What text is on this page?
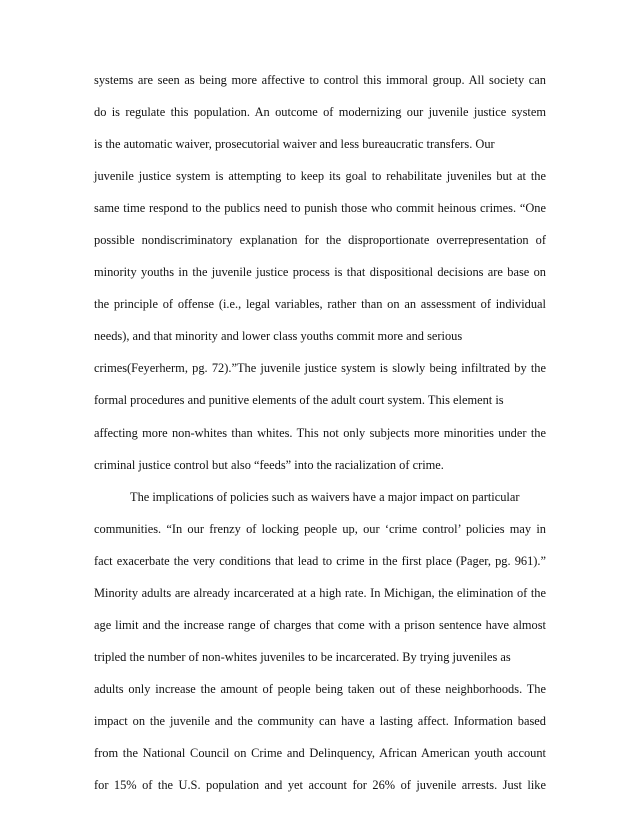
systems are seen as being more affective to control this immoral group. All society can
do is regulate this population. An outcome of modernizing our juvenile justice system
is the automatic waiver, prosecutorial waiver and less bureaucratic transfers. Our
juvenile justice system is attempting to keep its goal to rehabilitate juveniles but at the
same time respond to the publics need to punish those who commit heinous crimes. “One
possible nondiscriminatory explanation for the disproportionate overrepresentation of
minority youths in the juvenile justice process is that dispositional decisions are base on
the principle of offense (i.e., legal variables, rather than on an assessment of individual
needs), and that minority and lower class youths commit more and serious
crimes(Feyerherm, pg. 72).”The juvenile justice system is slowly being infiltrated by the
formal procedures and punitive elements of the adult court system. This element is
affecting more non-whites than whites. This not only subjects more minorities under the
criminal justice control but also “feeds” into the racialization of crime.
The implications of policies such as waivers have a major impact on particular
communities. “In our frenzy of locking people up, our ‘crime control’ policies may in
fact exacerbate the very conditions that lead to crime in the first place (Pager, pg. 961).”
Minority adults are already incarcerated at a high rate. In Michigan, the elimination of the
age limit and the increase range of charges that come with a prison sentence have almost
tripled the number of non-whites juveniles to be incarcerated. By trying juveniles as
adults only increase the amount of people being taken out of these neighborhoods. The
impact on the juvenile and the community can have a lasting affect. Information based
from the National Council on Crime and Delinquency, African American youth account
for 15% of the U.S. population and yet account for 26% of juvenile arrests. Just like
